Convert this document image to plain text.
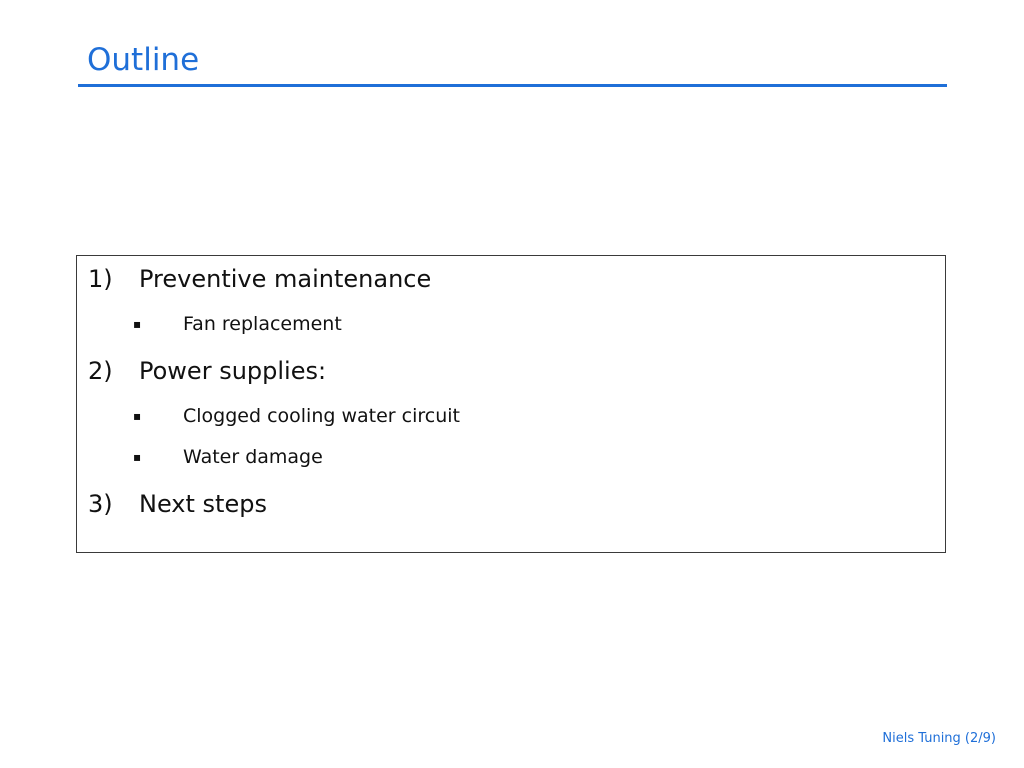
Outline
1) Preventive maintenance
▪ Fan replacement
2) Power supplies:
▪ Clogged cooling water circuit
▪ Water damage
3) Next steps
Niels Tuning (2/9)
